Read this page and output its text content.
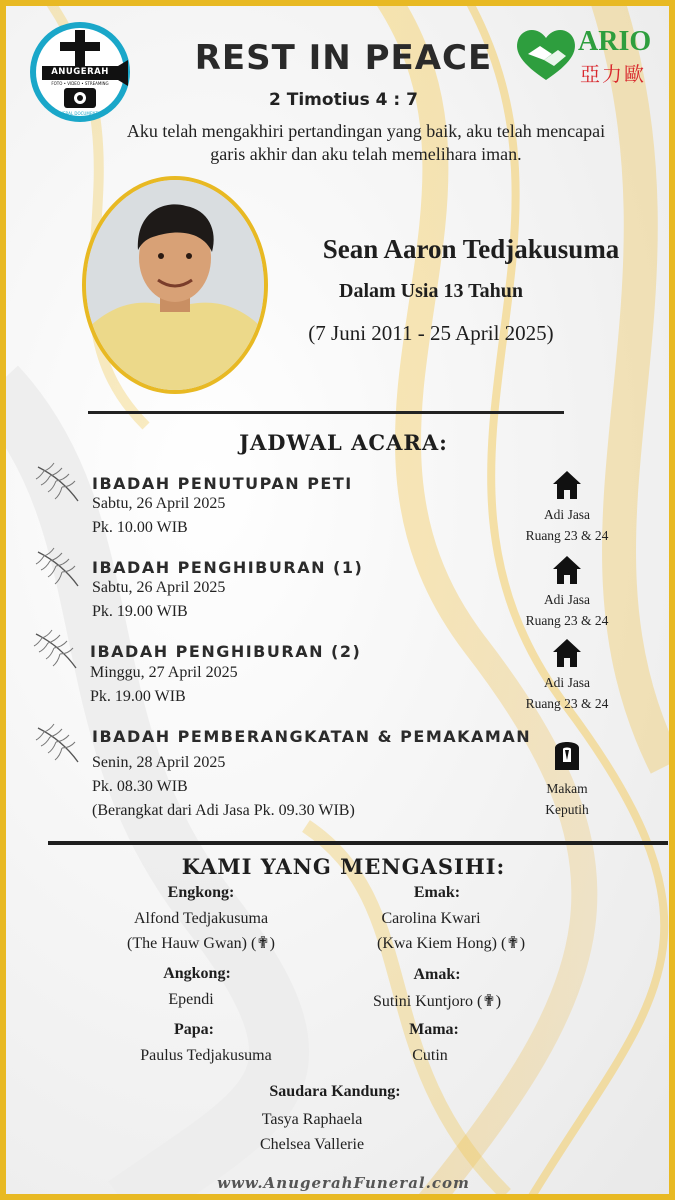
ANUGERAH
FOTO • VIDEO • STREAMING
FUNERAL DOCUMENTARY
ARIO
亞力歐
REST IN PEACE
2 Timotius 4 : 7
Aku telah mengakhiri pertandingan yang baik, aku telah mencapai garis akhir dan aku telah memelihara iman.
Sean Aaron Tedjakusuma
Dalam Usia 13 Tahun
(7 Juni 2011 - 25 April 2025)
JADWAL ACARA:
IBADAH PENUTUPAN PETI
Sabtu, 26 April 2025
Pk. 10.00 WIB
Adi Jasa
Ruang 23 & 24
IBADAH PENGHIBURAN (1)
Sabtu, 26 April 2025
Pk. 19.00 WIB
Adi Jasa
Ruang 23 & 24
IBADAH PENGHIBURAN (2)
Minggu, 27 April 2025
Pk. 19.00 WIB
Adi Jasa
Ruang 23 & 24
IBADAH PEMBERANGKATAN & PEMAKAMAN
Senin, 28 April 2025
Pk. 08.30 WIB
(Berangkat dari Adi Jasa Pk. 09.30 WIB)
Makam
Keputih
KAMI YANG MENGASIHI:
Engkong:
Alfond Tedjakusuma
(The Hauw Gwan) (✟)
Emak:
Carolina Kwari
(Kwa Kiem Hong) (✟)
Angkong:
Ependi
Amak:
Sutini Kuntjoro (✟)
Papa:
Paulus Tedjakusuma
Mama:
Cutin
Saudara Kandung:
Tasya Raphaela
Chelsea Vallerie
www.AnugerahFuneral.com
